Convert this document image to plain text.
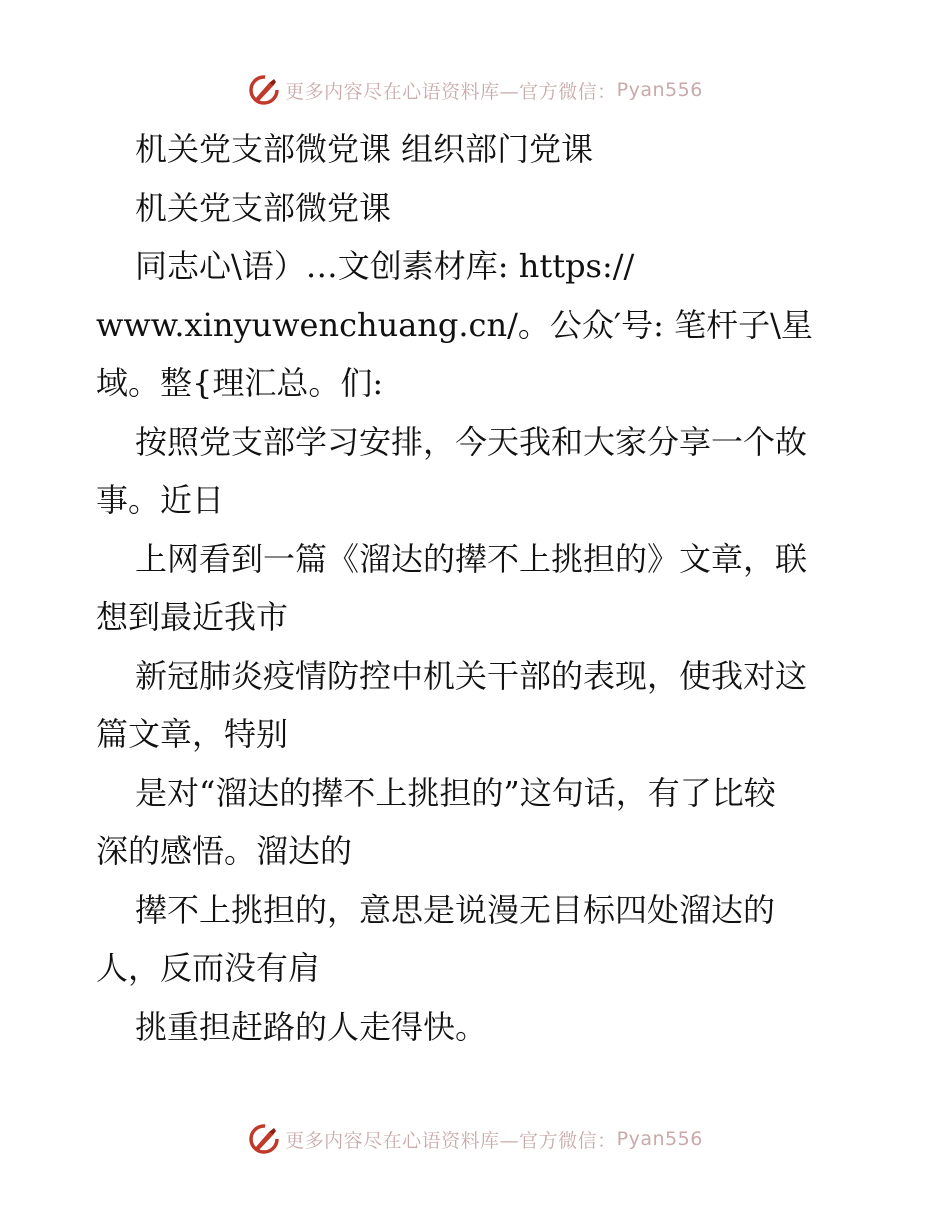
更多内容尽在心语资料库—官方微信： Pyan556
机关党支部微党课 组织部门党课
机关党支部微党课
同志心\语）…文创素材库: https://
www.xinyuwenchuang.cn/。公众′号: 笔杆子\星
域。整{理汇总。们:
按照党支部学习安排，今天我和大家分享一个故
事。近日
上网看到一篇《溜达的撵不上挑担的》文章，联
想到最近我市
新冠肺炎疫情防控中机关干部的表现，使我对这
篇文章，特别
是对“溜达的撵不上挑担的”这句话，有了比较
深的感悟。溜达的
撵不上挑担的，意思是说漫无目标四处溜达的
人，反而没有肩
挑重担赶路的人走得快。
更多内容尽在心语资料库—官方微信： Pyan556
